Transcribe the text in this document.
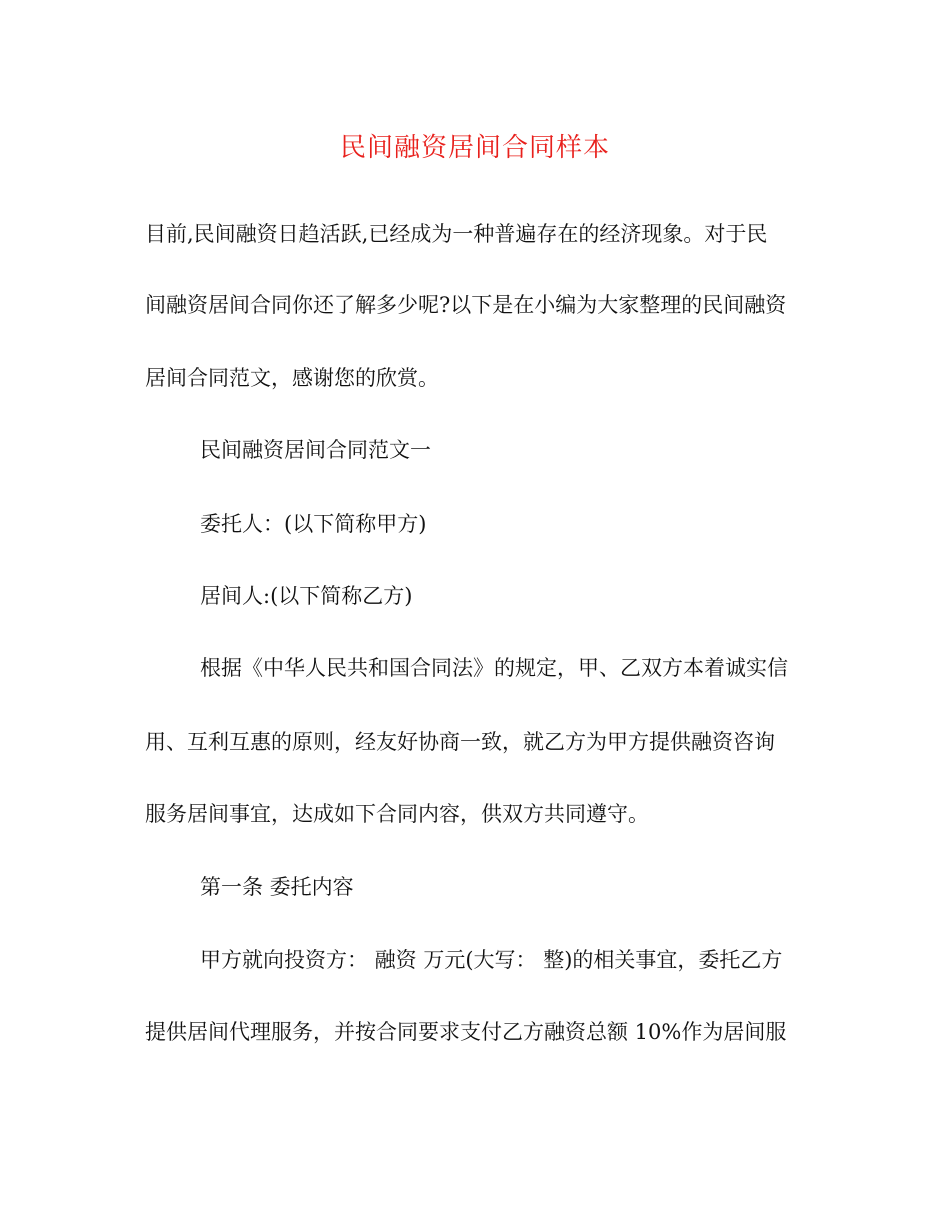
民间融资居间合同样本
目前,民间融资日趋活跃,已经成为一种普遍存在的经济现象。对于民
间融资居间合同你还了解多少呢?以下是在小编为大家整理的民间融资
居间合同范文，感谢您的欣赏。
民间融资居间合同范文一
委托人：(以下简称甲方)
居间人:(以下简称乙方)
根据《中华人民共和国合同法》的规定，甲、乙双方本着诚实信
用、互利互惠的原则，经友好协商一致，就乙方为甲方提供融资咨询
服务居间事宜，达成如下合同内容，供双方共同遵守。
第一条 委托内容
甲方就向投资方： 融资 万元(大写： 整)的相关事宜，委托乙方
提供居间代理服务，并按合同要求支付乙方融资总额 10%作为居间服
